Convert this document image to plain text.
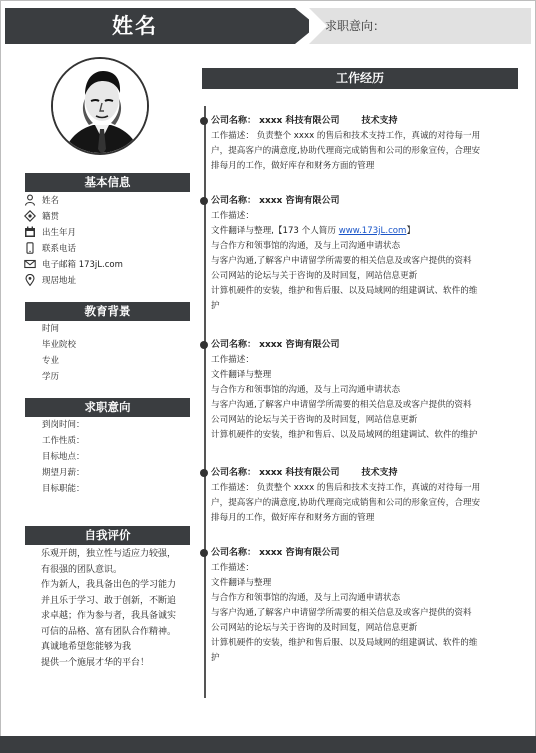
姓名	求职意向：
基本信息
姓名
籍贯
出生年月
联系电话
电子邮箱 173jL.com
现居地址
教育背景
时间
毕业院校
专业
学历
求职意向
到岗时间：
工作性质：
目标地点：
期望月薪：
目标职能：
自我评价
乐观开朗，独立性与适应力较强，
有很强的团队意识。
作为新人，我具备出色的学习能力
并且乐于学习、敢于创新，不断追
求卓越；作为参与者，我具备诚实
可信的品格、富有团队合作精神。
真诚地希望您能够为我
提供一个施展才华的平台！
工作经历
公司名称： xxxx 科技有限公司 技术支持
工作描述： 负责整个 xxxx 的售后和技术支持工作，真诚的对待每一用
户，提高客户的满意度,协助代理商完成销售和公司的形象宣传，合理安
排每月的工作，做好库存和财务方面的管理
公司名称： xxxx 咨询有限公司
工作描述：
文件翻译与整理,【173 个人简历 www.173jL.com】
与合作方和领事馆的沟通，及与上司沟通申请状态
与客户沟通,了解客户申请留学所需要的相关信息及或客户提供的资料
公司网站的论坛与关于咨询的及时回复，网站信息更新
计算机硬件的安装，维护和售后服、以及局域网的组建调试、软件的维
护
公司名称： xxxx 咨询有限公司
工作描述：
文件翻译与整理
与合作方和领事馆的沟通，及与上司沟通申请状态
与客户沟通,了解客户申请留学所需要的相关信息及或客户提供的资料
公司网站的论坛与关于咨询的及时回复，网站信息更新
计算机硬件的安装，维护和售后、以及局域网的组建调试、软件的维护
公司名称： xxxx 科技有限公司 技术支持
工作描述： 负责整个 xxxx 的售后和技术支持工作，真诚的对待每一用
户，提高客户的满意度,协助代理商完成销售和公司的形象宣传，合理安
排每月的工作，做好库存和财务方面的管理
公司名称： xxxx 咨询有限公司
工作描述：
文件翻译与整理
与合作方和领事馆的沟通，及与上司沟通申请状态
与客户沟通,了解客户申请留学所需要的相关信息及或客户提供的资料
公司网站的论坛与关于咨询的及时回复，网站信息更新
计算机硬件的安装，维护和售后服、以及局域网的组建调试、软件的维
护
